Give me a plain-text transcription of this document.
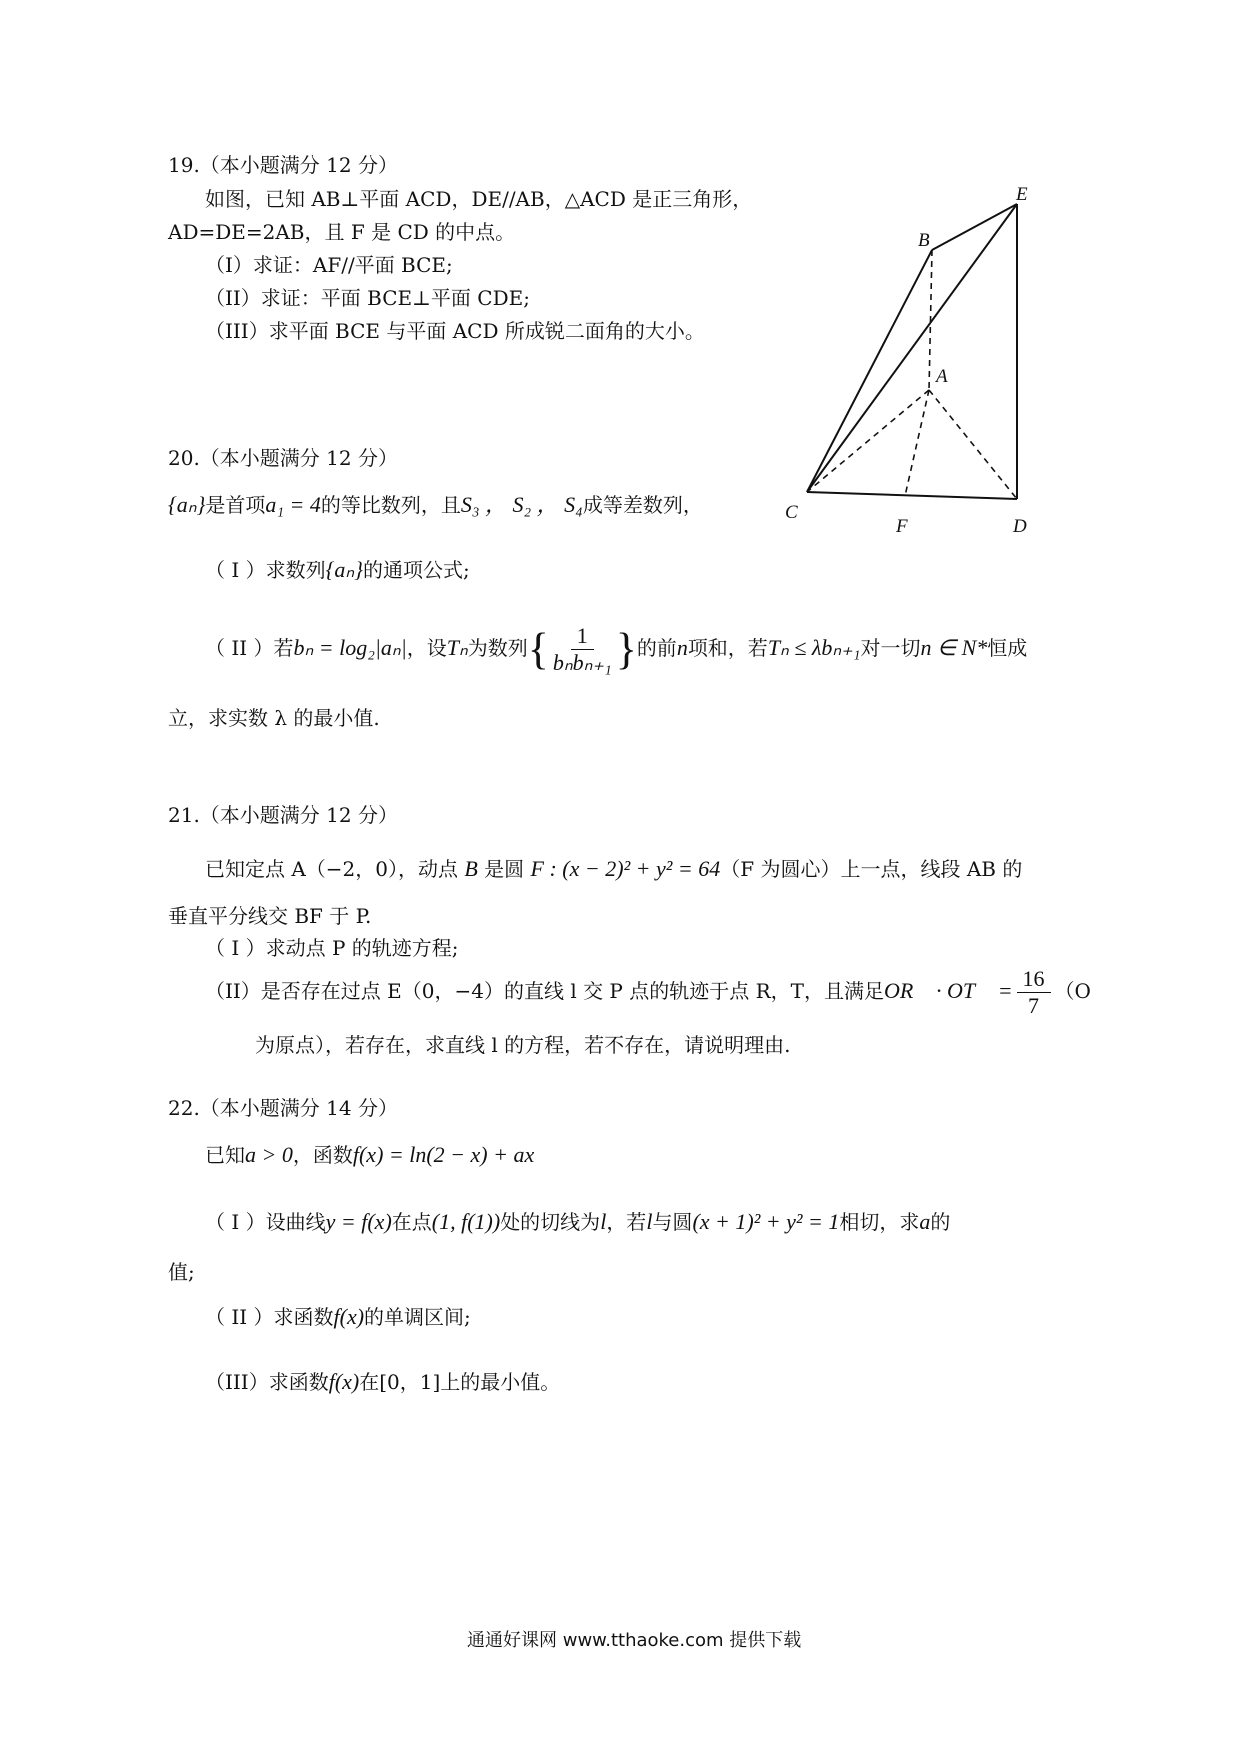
19.（本小题满分 12 分）
如图，已知 AB⊥平面 ACD，DE//AB，△ACD 是正三角形，
AD=DE=2AB，且 F 是 CD 的中点。
（I）求证：AF//平面 BCE;
（II）求证：平面 BCE⊥平面 CDE;
（III）求平面 BCE 与平面 ACD 所成锐二面角的大小。
E
B
A
C
F	D
20.（本小题满分 12 分）
{aₙ}是首项a₁ = 4的等比数列，且S₃ ， S₂ ， S₄成等差数列，
（ I ）求数列{aₙ}的通项公式;
（ II ）若bₙ = log₂|aₙ|，设Tₙ为数列{ $\frac{1}{\text{bₙbₙ₊₁}}$ }的前n项和，若Tₙ ≤ λbₙ₊₁对一切n ∈ N*恒成
立，求实数 λ 的最小值.
21.（本小题满分 12 分）
已知定点 A（−2，0），动点 B 是圆 F : (x − 2)² + y² = 64（F 为圆心）上一点，线段 AB 的
垂直平分线交 BF 于 P.
（ I ）求动点 P 的轨迹方程;
（II）是否存在过点 E（0，−4）的直线 l 交 P 点的轨迹于点 R，T，且满足OR⃗ · OT⃗ = $\frac{16}{7} (O$
为原点），若存在，求直线 l 的方程，若不存在，请说明理由.
22.（本小题满分 14 分）
已知a > 0，函数f(x) = ln(2 − x) + ax
（ I ）设曲线y = f(x)在点(1, f(1))处的切线为l，若l与圆(x + 1)² + y² = 1相切，求a的
值;
（ II ）求函数f(x)的单调区间;
（III）求函数f(x)在[0，1]上的最小值。
通通好课网 www.tthaoke.com 提供下载
